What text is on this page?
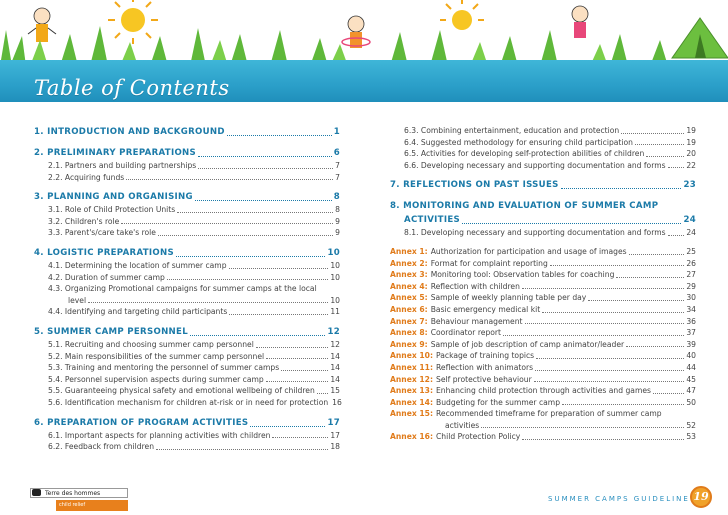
Table of Contents
1. INTRODUCTION AND BACKGROUND	1
2. PRELIMINARY PREPARATIONS	6
2.1. Partners and building partnerships	7
2.2. Acquiring funds	7
3. PLANNING AND ORGANISING	8
3.1. Role of Child Protection Units	8
3.2. Children's role	9
3.3. Parent's/care take's role	9
4. LOGISTIC PREPARATIONS	10
4.1. Determining the location of summer camp	10
4.2. Duration of summer camp	10
4.3. Organizing Promotional campaigns for summer camps at the local
level	10
4.4. Identifying and targeting child participants	11
5. SUMMER CAMP PERSONNEL	12
5.1. Recruiting and choosing summer camp personnel	12
5.2. Main responsibilities of the summer camp personnel	14
5.3. Training and mentoring the personnel of summer camps	14
5.4. Personnel supervision aspects during summer camp	14
5.5. Guaranteeing physical safety and emotional wellbeing of children 15
5.6. Identification mechanism for children at-risk or in need for protection 16
6. PREPARATION OF PROGRAM ACTIVITIES	17
6.1. Important aspects for planning activities with children	17
6.2. Feedback from children	18
6.3. Combining entertainment, education and protection	19
6.4. Suggested methodology for ensuring child participation	19
6.5. Activities for developing self-protection abilities of children	20
6.6. Developing necessary and supporting documentation and forms	22
7. REFLECTIONS ON PAST ISSUES	23
8. MONITORING AND EVALUATION OF SUMMER CAMP
ACTIVITIES	24
8.1. Developing necessary and supporting documentation and forms	24
Annex 1: Authorization for participation and usage of images	25
Annex 2: Format for complaint reporting	26
Annex 3: Monitoring tool: Observation tables for coaching	27
Annex 4: Reflection with children	29
Annex 5: Sample of weekly planning table per day	30
Annex 6: Basic emergency medical kit	34
Annex 7: Behaviour management	36
Annex 8: Coordinator report	37
Annex 9: Sample of job description of camp animator/leader	39
Annex 10: Package of training topics	40
Annex 11: Reflection with animators	44
Annex 12: Self protective behaviour	45
Annex 13: Enhancing child protection through activities and games	47
Annex 14: Budgeting for the summer camp	50
Annex 15: Recommended timeframe for preparation of summer camp
activities	52
Annex 16: Child Protection Policy	53
Terre des hommes
child relief
SUMMER CAMPS GUIDELINE 19
